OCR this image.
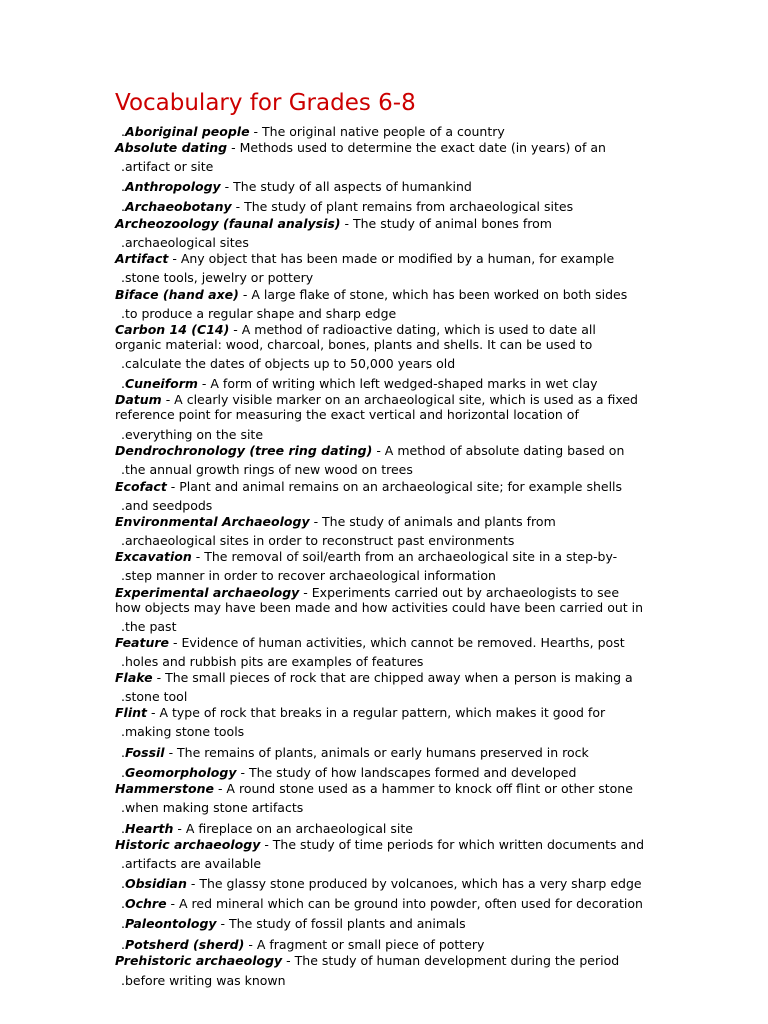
Vocabulary for Grades 6-8

.Aboriginal people - The original native people of a country

Absolute dating - Methods used to determine the exact date (in years) of an

.artifact or site

.Anthropology - The study of all aspects of humankind

.Archaeobotany - The study of plant remains from archaeological sites

Archeozoology (faunal analysis) - The study of animal bones from

.archaeological sites

Artifact - Any object that has been made or modified by a human, for example

.stone tools, jewelry or pottery

Biface (hand axe) - A large flake of stone, which has been worked on both sides

.to produce a regular shape and sharp edge

Carbon 14 (C14) - A method of radioactive dating, which is used to date all

organic material: wood, charcoal, bones, plants and shells. It can be used to

.calculate the dates of objects up to 50,000 years old

.Cuneiform - A form of writing which left wedged-shaped marks in wet clay

Datum - A clearly visible marker on an archaeological site, which is used as a fixed

reference point for measuring the exact vertical and horizontal location of

.everything on the site

Dendrochronology (tree ring dating) - A method of absolute dating based on

.the annual growth rings of new wood on trees

Ecofact - Plant and animal remains on an archaeological site; for example shells

.and seedpods

Environmental Archaeology - The study of animals and plants from

.archaeological sites in order to reconstruct past environments

Excavation - The removal of soil/earth from an archaeological site in a step-by-

.step manner in order to recover archaeological information

Experimental archaeology - Experiments carried out by archaeologists to see

how objects may have been made and how activities could have been carried out in

.the past

Feature - Evidence of human activities, which cannot be removed. Hearths, post

.holes and rubbish pits are examples of features

Flake - The small pieces of rock that are chipped away when a person is making a

.stone tool

Flint - A type of rock that breaks in a regular pattern, which makes it good for

.making stone tools

.Fossil - The remains of plants, animals or early humans preserved in rock

.Geomorphology - The study of how landscapes formed and developed

Hammerstone - A round stone used as a hammer to knock off flint or other stone

.when making stone artifacts

.Hearth - A fireplace on an archaeological site

Historic archaeology - The study of time periods for which written documents and

.artifacts are available

.Obsidian - The glassy stone produced by volcanoes, which has a very sharp edge

.Ochre - A red mineral which can be ground into powder, often used for decoration

.Paleontology - The study of fossil plants and animals

.Potsherd (sherd) - A fragment or small piece of pottery

Prehistoric archaeology - The study of human development during the period

.before writing was known
